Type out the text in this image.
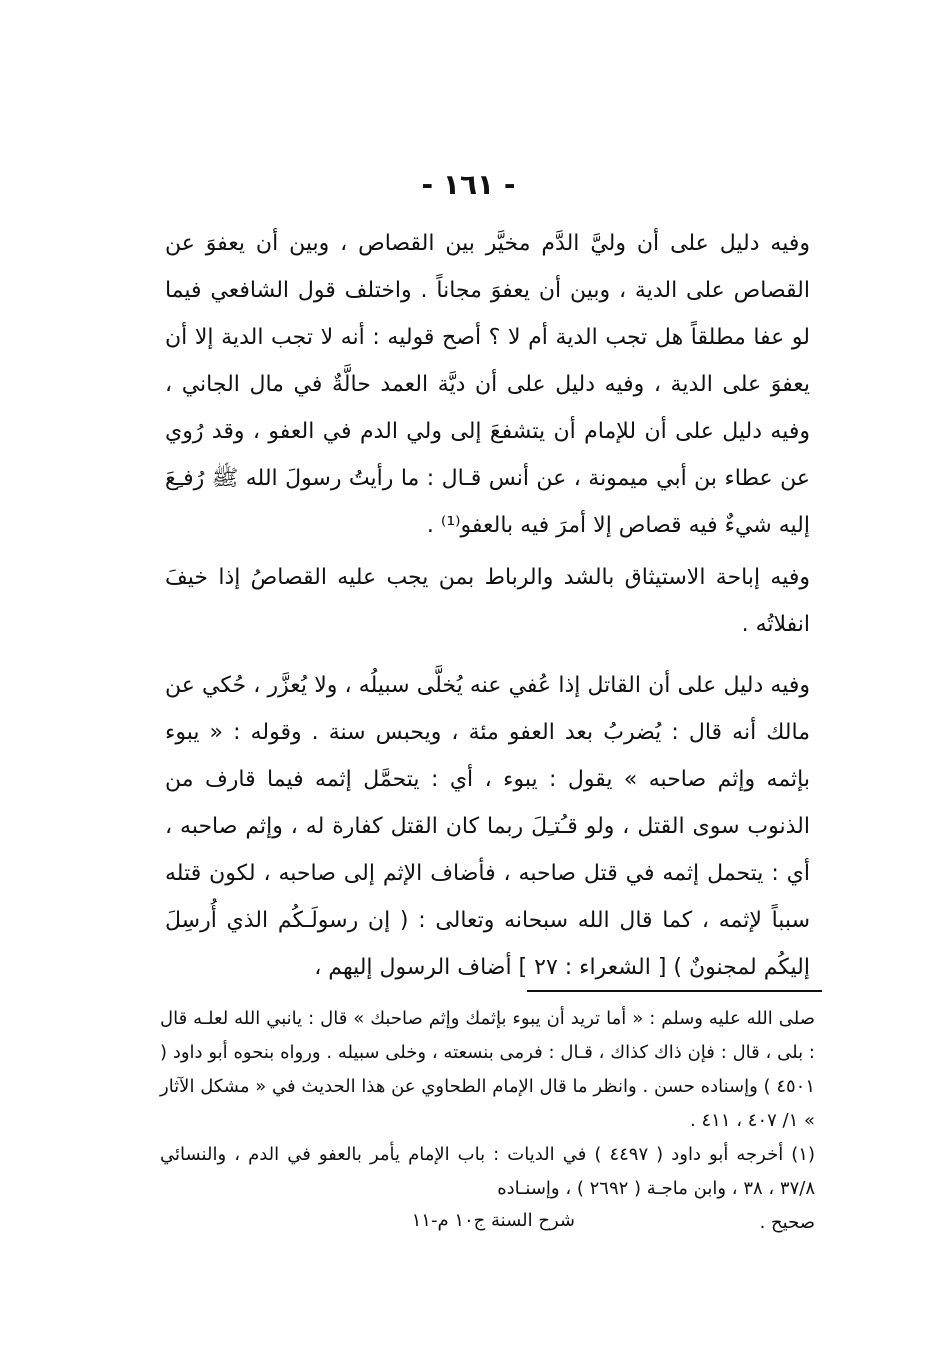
- ١٦١ -

وفيه دليل على أن وليَّ الدَّم مخيَّر بين القصاص ، وبين أن يعفوَ عن القصاص على الدية ، وبين أن يعفوَ مجاناً . واختلف قول الشافعي فيما لو عفا مطلقاً هل تجب الدية أم لا ؟ أصح قوليه : أنه لا تجب الدية إلا أن يعفوَ على الدية ، وفيه دليل على أن ديَّة العمد حالَّةٌ في مال الجاني ، وفيه دليل على أن للإمام أن يتشفعَ إلى ولي الدم في العفو ، وقد رُوي عن عطاء بن أبي ميمونة ، عن أنس قـال : ما رأيتُ رسولَ الله ﷺ رُفـِعَ إليه شيءٌ فيه قصاص إلا أمرَ فيه بالعفو⁽¹⁾ .

وفيه إباحة الاستيثاق بالشد والرباط بمن يجب عليه القصاصُ إذا خيفَ انفلاتُه .

وفيه دليل على أن القاتل إذا عُفي عنه يُخلَّى سبيلُه ، ولا يُعزَّر ، حُكي عن مالك أنه قال : يُضربُ بعد العفو مئة ، ويحبس سنة . وقوله : « يبوء بإثمه وإثم صاحبه » يقول : يبوء ، أي : يتحمَّل إثمه فيما قارف من الذنوب سوى القتل ، ولو قـُتـِلَ ربما كان القتل كفارة له ، وإثم صاحبه ، أي : يتحمل إثمه في قتل صاحبه ، فأضاف الإثم إلى صاحبه ، لكون قتله سبباً لإثمه ، كما قال الله سبحانه وتعالى : ( إن رسولَـكُم الذي أُرسِلَ إليكُم لمجنونٌ ) [ الشعراء : ٢٧ ] أضاف الرسول إليهم ،

صلى الله عليه وسلم : « أما تريد أن يبوء بإثمك وإثم صاحبك » قال : يانبي الله لعلـه قال : بلى ، قال : فإن ذاك كذاك ، قـال : فرمى بنسعته ، وخلى سبيله . ورواه بنحوه أبو داود ( ٤٥٠١ ) وإسناده حسن . وانظر ما قال الإمام الطحاوي عن هذا الحديث في « مشكل الآثار » ١/ ٤٠٧ ، ٤١١ .

(١) أخرجه أبو داود ( ٤٤٩٧ ) في الديات : باب الإمام يأمر بالعفو في الدم ، والنسائي ٣٧/٨ ، ٣٨ ، وابن ماجـة ( ٢٦٩٢ ) ، وإسنـاده

صحيح .
شرح السنة ج١٠ م-١١
